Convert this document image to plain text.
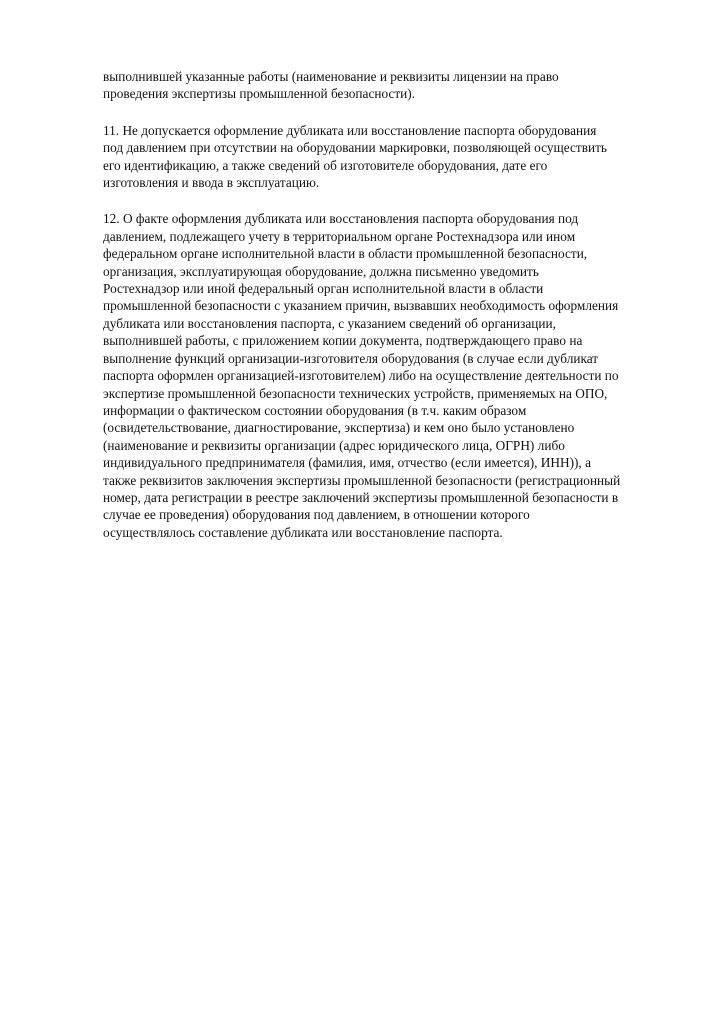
выполнившей указанные работы (наименование и реквизиты лицензии на право
проведения экспертизы промышленной безопасности).
11. Не допускается оформление дубликата или восстановление паспорта оборудования
под давлением при отсутствии на оборудовании маркировки, позволяющей осуществить
его идентификацию, а также сведений об изготовителе оборудования, дате его
изготовления и ввода в эксплуатацию.
12. О факте оформления дубликата или восстановления паспорта оборудования под
давлением, подлежащего учету в территориальном органе Ростехнадзора или ином
федеральном органе исполнительной власти в области промышленной безопасности,
организация, эксплуатирующая оборудование, должна письменно уведомить
Ростехнадзор или иной федеральный орган исполнительной власти в области
промышленной безопасности с указанием причин, вызвавших необходимость оформления
дубликата или восстановления паспорта, с указанием сведений об организации,
выполнившей работы, с приложением копии документа, подтверждающего право на
выполнение функций организации-изготовителя оборудования (в случае если дубликат
паспорта оформлен организацией-изготовителем) либо на осуществление деятельности по
экспертизе промышленной безопасности технических устройств, применяемых на ОПО,
информации о фактическом состоянии оборудования (в т.ч. каким образом
(освидетельствование, диагностирование, экспертиза) и кем оно было установлено
(наименование и реквизиты организации (адрес юридического лица, ОГРН) либо
индивидуального предпринимателя (фамилия, имя, отчество (если имеется), ИНН)), а
также реквизитов заключения экспертизы промышленной безопасности (регистрационный
номер, дата регистрации в реестре заключений экспертизы промышленной безопасности в
случае ее проведения) оборудования под давлением, в отношении которого
осуществлялось составление дубликата или восстановление паспорта.
